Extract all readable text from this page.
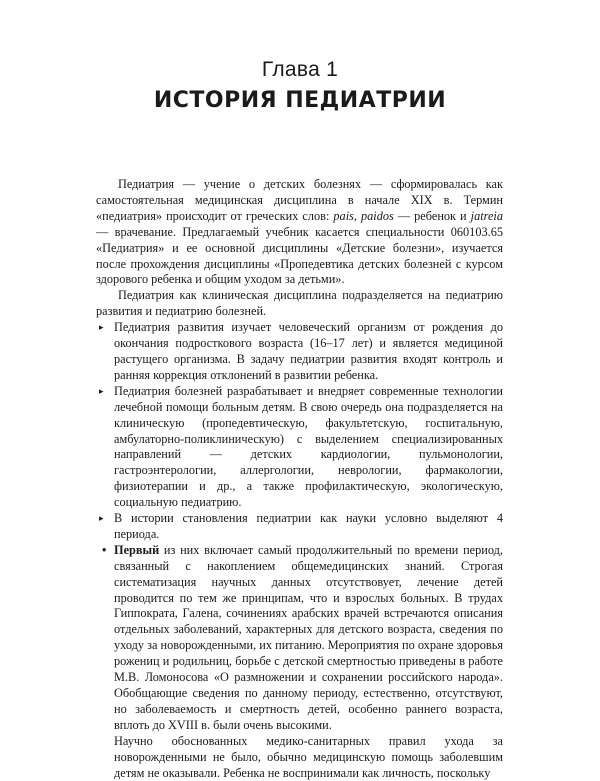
Глава 1
ИСТОРИЯ ПЕДИАТРИИ

Педиатрия — учение о детских болезнях — сформировалась как самостоятельная медицинская дисциплина в начале XIX в. Термин «педиатрия» происходит от греческих слов: pais, paidos — ребенок и jatreia — врачевание. Предлагаемый учебник касается специальности 060103.65 «Педиатрия» и ее основной дисциплины «Детские болезни», изучается после прохождения дисциплины «Пропедевтика детских болезней с курсом здорового ребенка и общим уходом за детьми».

Педиатрия как клиническая дисциплина подразделяется на педиатрию развития и педиатрию болезней.

▸ Педиатрия развития изучает человеческий организм от рождения до окончания подросткового возраста (16–17 лет) и является медициной растущего организма. В задачу педиатрии развития входят контроль и ранняя коррекция отклонений в развитии ребенка.

▸ Педиатрия болезней разрабатывает и внедряет современные технологии лечебной помощи больным детям. В свою очередь она подразделяется на клиническую (пропедевтическую, факультетскую, госпитальную, амбулаторно-поликлиническую) с выделением специализированных направлений — детских кардиологии, пульмонологии, гастроэнтерологии, аллергологии, неврологии, фармакологии, физиотерапии и др., а также профилактическую, экологическую, социальную педиатрию.

▸ В истории становления педиатрии как науки условно выделяют 4 периода.

• Первый из них включает самый продолжительный по времени период, связанный с накоплением общемедицинских знаний. Строгая систематизация научных данных отсутствовует, лечение детей проводится по тем же принципам, что и взрослых больных. В трудах Гиппократа, Галена, сочинениях арабских врачей встречаются описания отдельных заболеваний, характерных для детского возраста, сведения по уходу за новорожденными, их питанию. Мероприятия по охране здоровья рожениц и родильниц, борьбе с детской смертностью приведены в работе М.В. Ломоносова «О размножении и сохранении российского народа». Обобщающие сведения по данному периоду, естественно, отсутствуют, но заболеваемость и смертность детей, особенно раннего возраста, вплоть до XVIII в. были очень высокими.

Научно обоснованных медико-санитарных правил ухода за новорожденными не было, обычно медицинскую помощь заболевшим детям не оказывали. Ребенка не воспринимали как личность, поскольку
